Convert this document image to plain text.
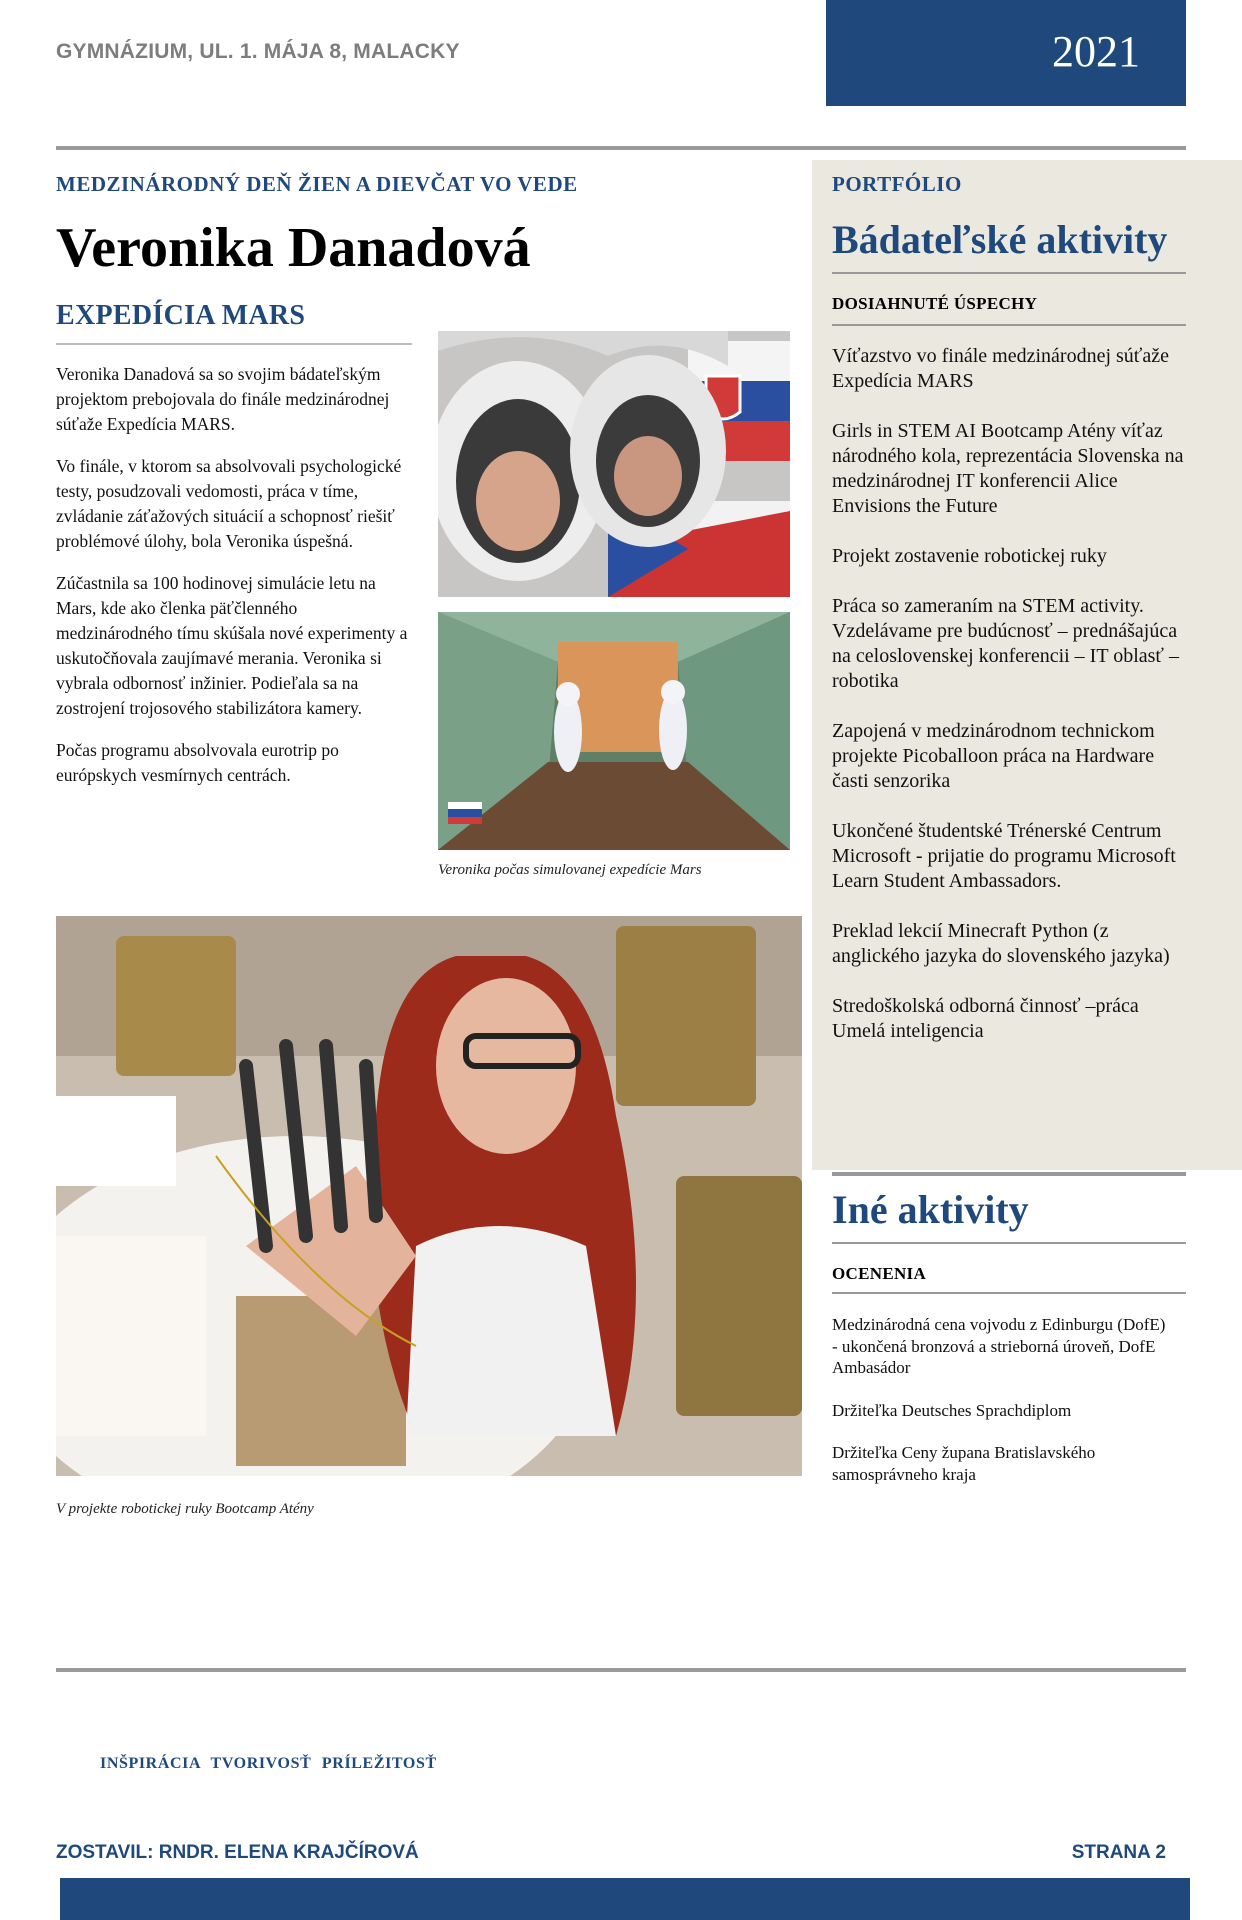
GYMNÁZIUM, UL. 1. MÁJA 8, MALACKY	2021
MEDZINÁRODNÝ DEŇ ŽIEN A DIEVČAT VO VEDE
Veronika Danadová
EXPEDÍCIA MARS

Veronika Danadová sa so svojim bádateľským projektom prebojovala do finále medzinárodnej súťaže Expedícia MARS.

Vo finále, v ktorom sa absolvovali psychologické testy, posudzovali vedomosti, práca v tíme, zvládanie záťažových situácií a schopnosť riešiť problémové úlohy, bola Veronika úspešná.

Zúčastnila sa 100 hodinovej simulácie letu na Mars, kde ako členka päťčlenného medzinárodného tímu skúšala nové experimenty a uskutočňovala zaujímavé merania. Veronika si vybrala odbornosť inžinier. Podieľala sa na zostrojení trojosového stabilizátora kamery.

Počas programu absolvovala eurotrip po európskych vesmírnych centrách.

Veronika počas simulovanej expedície Mars
V projekte robotickej ruky Bootcamp Atény
PORTFÓLIO
Bádateľské aktivity
DOSIAHNUTÉ ÚSPECHY
Víťazstvo vo finále medzinárodnej súťaže Expedícia MARS
Girls in STEM AI Bootcamp Atény víťaz národného kola, reprezentácia Slovenska na medzinárodnej IT konferencii Alice Envisions the Future
Projekt zostavenie robotickej ruky
Práca so zameraním na STEM activity. Vzdelávame pre budúcnosť – prednášajúca na celoslovenskej konferencii – IT oblasť – robotika
Zapojená v medzinárodnom technickom projekte Picoballoon práca na Hardware časti senzorika
Ukončené študentské Trénerské Centrum Microsoft - prijatie do programu Microsoft Learn Student Ambassadors.
Preklad lekcií Minecraft Python (z anglického jazyka do slovenského jazyka)
Stredoškolská odborná činnosť –práca Umelá inteligencia
Iné aktivity
OCENENIA
Medzinárodná cena vojvodu z Edinburgu (DofE) - ukončená bronzová a strieborná úroveň, DofE Ambasádor
Držiteľka Deutsches Sprachdiplom
Držiteľka Ceny župana Bratislavského samosprávneho kraja
INŠPIRÁCIA TVORIVOSŤ PRÍLEŽITOSŤ
ZOSTAVIL: RNDR. ELENA KRAJČÍROVÁ	STRANA 2
